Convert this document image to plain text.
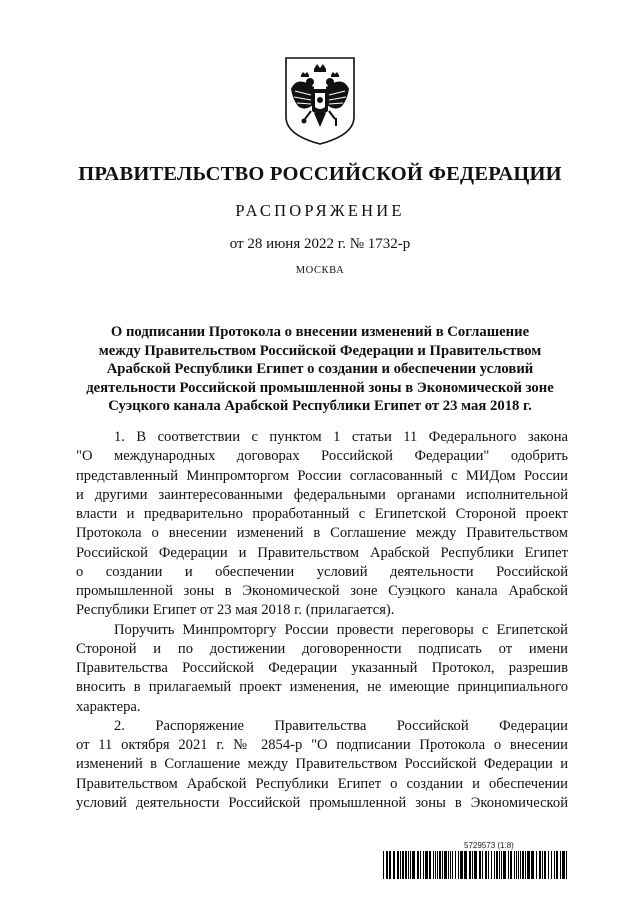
ПРАВИТЕЛЬСТВО РОССИЙСКОЙ ФЕДЕРАЦИИ
РАСПОРЯЖЕНИЕ
от 28 июня 2022 г. № 1732-р
МОСКВА
О подписании Протокола о внесении изменений в Соглашение
между Правительством Российской Федерации и Правительством
Арабской Республики Египет о создании и обеспечении условий
деятельности Российской промышленной зоны в Экономической зоне
Суэцкого канала Арабской Республики Египет от 23 мая 2018 г.
1. В соответствии с пунктом 1 статьи 11 Федерального закона
"О международных договорах Российской Федерации" одобрить
представленный Минпромторгом России согласованный с МИДом России
и другими заинтересованными федеральными органами исполнительной
власти и предварительно проработанный с Египетской Стороной проект
Протокола о внесении изменений в Соглашение между Правительством
Российской Федерации и Правительством Арабской Республики Египет
о создании и обеспечении условий деятельности Российской
промышленной зоны в Экономической зоне Суэцкого канала Арабской
Республики Египет от 23 мая 2018 г. (прилагается).
Поручить Минпромторгу России провести переговоры с Египетской
Стороной и по достижении договоренности подписать от имени
Правительства Российской Федерации указанный Протокол, разрешив
вносить в прилагаемый проект изменения, не имеющие принципиального
характера.
2. Распоряжение Правительства Российской Федерации
от 11 октября 2021 г. № 2854-р "О подписании Протокола о внесении
изменений в Соглашение между Правительством Российской Федерации и
Правительством Арабской Республики Египет о создании и обеспечении
условий деятельности Российской промышленной зоны в Экономической
5729573 (1.8)
